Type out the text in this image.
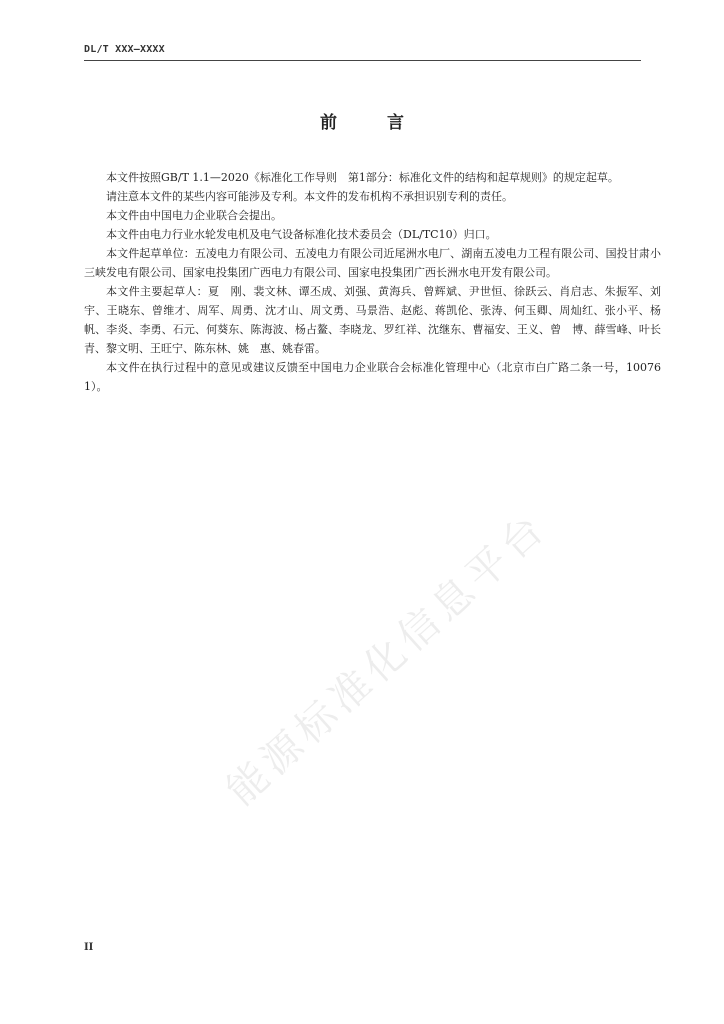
DL/T XXX—XXXX
前 言

本文件按照GB/T 1.1—2020《标准化工作导则　第1部分：标准化文件的结构和起草规则》的规定起草。

请注意本文件的某些内容可能涉及专利。本文件的发布机构不承担识别专利的责任。

本文件由中国电力企业联合会提出。

本文件由电力行业水轮发电机及电气设备标准化技术委员会（DL/TC10）归口。

本文件起草单位：五凌电力有限公司、五凌电力有限公司近尾洲水电厂、湖南五凌电力工程有限公司、国投甘肃小三峡发电有限公司、国家电投集团广西电力有限公司、国家电投集团广西长洲水电开发有限公司。

本文件主要起草人：夏　刚、裴文林、谭丕成、刘强、黄海兵、曾辉斌、尹世恒、徐跃云、肖启志、朱振军、刘宇、王晓东、曾维才、周军、周勇、沈才山、周文勇、马景浩、赵彪、蒋凯伦、张涛、何玉卿、周灿红、张小平、杨帆、李炎、李勇、石元、何葵东、陈海波、杨占鳌、李晓龙、罗红祥、沈继东、曹福安、王义、曾　博、薛雪峰、叶长青、黎文明、王旺宁、陈东林、姚　惠、姚春雷。

本文件在执行过程中的意见或建议反馈至中国电力企业联合会标准化管理中心（北京市白广路二条一号，100761）。

能源标准化信息平台
II
